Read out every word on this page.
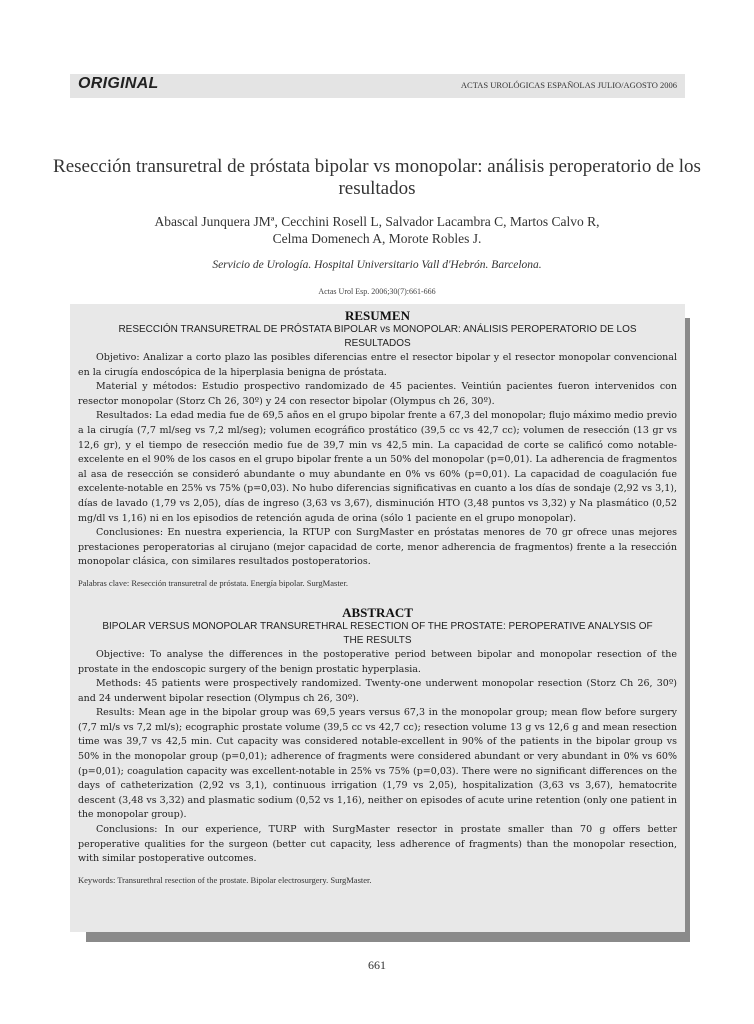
ORIGINAL	ACTAS UROLÓGICAS ESPAÑOLAS JULIO/AGOSTO 2006
Resección transuretral de próstata bipolar vs monopolar: análisis peroperatorio de los resultados
Abascal Junquera JMª, Cecchini Rosell L, Salvador Lacambra C, Martos Calvo R,
Celma Domenech A, Morote Robles J.
Servicio de Urología. Hospital Universitario Vall d'Hebrón. Barcelona.
Actas Urol Esp. 2006;30(7):661-666

RESUMEN

RESECCIÓN TRANSURETRAL DE PRÓSTATA BIPOLAR vs MONOPOLAR: ANÁLISIS PEROPERATORIO DE LOS RESULTADOS

Objetivo: Analizar a corto plazo las posibles diferencias entre el resector bipolar y el resector monopolar convencional en la cirugía endoscópica de la hiperplasia benigna de próstata.

Material y métodos: Estudio prospectivo randomizado de 45 pacientes. Veintiún pacientes fueron intervenidos con resector monopolar (Storz Ch 26, 30º) y 24 con resector bipolar (Olympus ch 26, 30º).

Resultados: La edad media fue de 69,5 años en el grupo bipolar frente a 67,3 del monopolar; flujo máximo medio previo a la cirugía (7,7 ml/seg vs 7,2 ml/seg); volumen ecográfico prostático (39,5 cc vs 42,7 cc); volumen de resección (13 gr vs 12,6 gr), y el tiempo de resección medio fue de 39,7 min vs 42,5 min. La capacidad de corte se calificó como notable-excelente en el 90% de los casos en el grupo bipolar frente a un 50% del monopolar (p=0,01). La adherencia de fragmentos al asa de resección se consideró abundante o muy abundante en 0% vs 60% (p=0,01). La capacidad de coagulación fue excelente-notable en 25% vs 75% (p=0,03). No hubo diferencias significativas en cuanto a los días de sondaje (2,92 vs 3,1), días de lavado (1,79 vs 2,05), días de ingreso (3,63 vs 3,67), disminución HTO (3,48 puntos vs 3,32) y Na plasmático (0,52 mg/dl vs 1,16) ni en los episodios de retención aguda de orina (sólo 1 paciente en el grupo monopolar).

Conclusiones: En nuestra experiencia, la RTUP con SurgMaster en próstatas menores de 70 gr ofrece unas mejores prestaciones peroperatorias al cirujano (mejor capacidad de corte, menor adherencia de fragmentos) frente a la resección monopolar clásica, con similares resultados postoperatorios.

Palabras clave: Resección transuretral de próstata. Energía bipolar. SurgMaster.

ABSTRACT

BIPOLAR VERSUS MONOPOLAR TRANSURETHRAL RESECTION OF THE PROSTATE: PEROPERATIVE ANALYSIS OF THE RESULTS

Objective: To analyse the differences in the postoperative period between bipolar and monopolar resection of the prostate in the endoscopic surgery of the benign prostatic hyperplasia.

Methods: 45 patients were prospectively randomized. Twenty-one underwent monopolar resection (Storz Ch 26, 30º) and 24 underwent bipolar resection (Olympus ch 26, 30º).

Results: Mean age in the bipolar group was 69,5 years versus 67,3 in the monopolar group; mean flow before surgery (7,7 ml/s vs 7,2 ml/s); ecographic prostate volume (39,5 cc vs 42,7 cc); resection volume 13 g vs 12,6 g and mean resection time was 39,7 vs 42,5 min. Cut capacity was considered notable-excellent in 90% of the patients in the bipolar group vs 50% in the monopolar group (p=0,01); adherence of fragments were considered abundant or very abundant in 0% vs 60% (p=0,01); coagulation capacity was excellent-notable in 25% vs 75% (p=0,03). There were no significant differences on the days of catheterization (2,92 vs 3,1), continuous irrigation (1,79 vs 2,05), hospitalization (3,63 vs 3,67), hematocrite descent (3,48 vs 3,32) and plasmatic sodium (0,52 vs 1,16), neither on episodes of acute urine retention (only one patient in the monopolar group).

Conclusions: In our experience, TURP with SurgMaster resector in prostate smaller than 70 g offers better peroperative qualities for the surgeon (better cut capacity, less adherence of fragments) than the monopolar resection, with similar postoperative outcomes.

Keywords: Transurethral resection of the prostate. Bipolar electrosurgery. SurgMaster.

661
